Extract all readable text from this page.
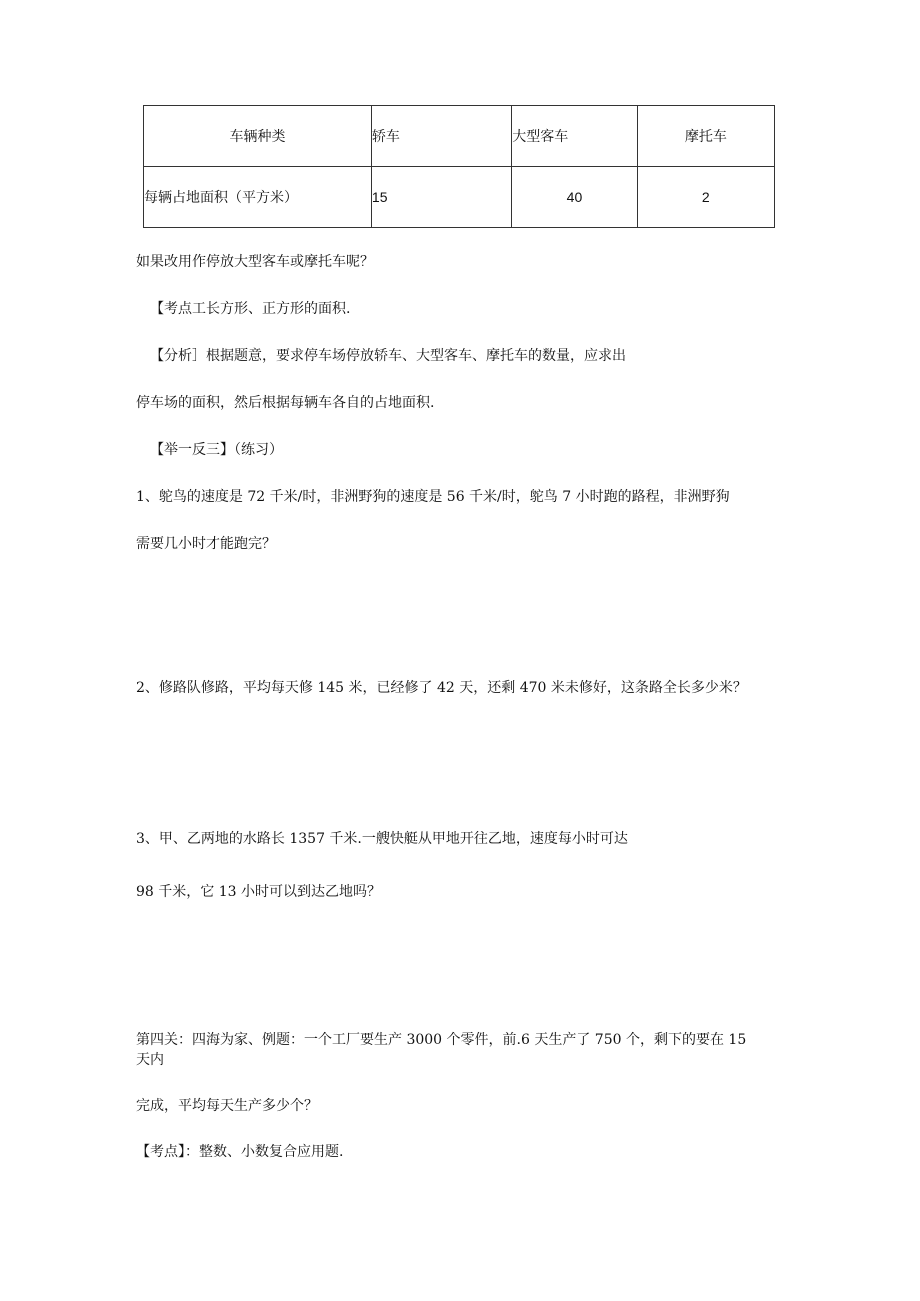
车辆种类	轿车	大型客车	摩托车
每辆占地面积（平方米）	15	40	2
如果改用作停放大型客车或摩托车呢？
【考点工长方形、正方形的面积.
【分析］根据题意，要求停车场停放轿车、大型客车、摩托车的数量，应求出
停车场的面积，然后根据每辆车各自的占地面积.
【举一反三】（练习）
1、鸵鸟的速度是 72 千米/时，非洲野狗的速度是 56 千米/时，鸵鸟 7 小时跑的路程，非洲野狗
需要几小时才能跑完？
2、修路队修路，平均每天修 145 米，已经修了 42 天，还剩 470 米未修好，这条路全长多少米？
3、甲、乙两地的水路长 1357 千米.一艘快艇从甲地开往乙地，速度每小时可达
98 千米，它 13 小时可以到达乙地吗？
第四关：四海为家、例题：一个工厂要生产 3000 个零件，前.6 天生产了 750 个，剩下的要在 15
天内
完成，平均每天生产多少个？
【考点】：整数、小数复合应用题.
